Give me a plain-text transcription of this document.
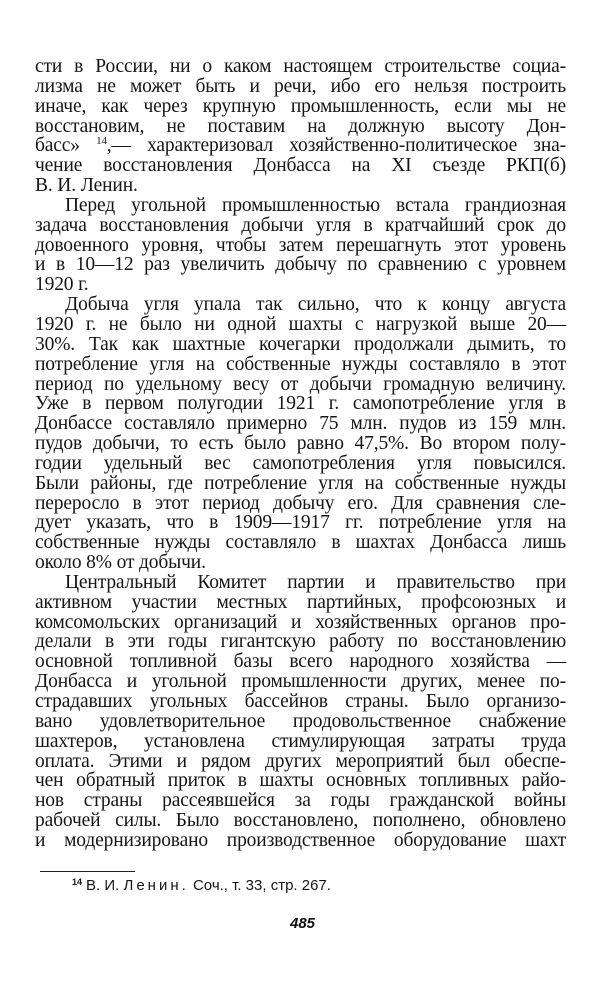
сти в России, ни о каком настоящем строительстве социа-
лизма не может быть и речи, ибо его нельзя построить
иначе, как через крупную промышленность, если мы не
восстановим, не поставим на должную высоту Дон-
басс» $^{14}$,— характеризовал хозяйственно-политическое зна-
чение восстановления Донбасса на XI съезде РКП(б)
В. И. Ленин.
Перед угольной промышленностью встала грандиозная
задача восстановления добычи угля в кратчайший срок до
довоенного уровня, чтобы затем перешагнуть этот уровень
и в 10—12 раз увеличить добычу по сравнению с уровнем
1920 г.
Добыча угля упала так сильно, что к концу августа
1920 г. не было ни одной шахты с нагрузкой выше 20—
30%. Так как шахтные кочегарки продолжали дымить, то
потребление угля на собственные нужды составляло в этот
период по удельному весу от добычи громадную величину.
Уже в первом полугодии 1921 г. самопотребление угля в
Донбассе составляло примерно 75 млн. пудов из 159 млн.
пудов добычи, то есть было равно 47,5%. Во втором полу-
годии удельный вес самопотребления угля повысился.
Были районы, где потребление угля на собственные нужды
переросло в этот период добычу его. Для сравнения сле-
дует указать, что в 1909—1917 гг. потребление угля на
собственные нужды составляло в шахтах Донбасса лишь
около 8% от добычи.
Центральный Комитет партии и правительство при
активном участии местных партийных, профсоюзных и
комсомольских организаций и хозяйственных органов про-
делали в эти годы гигантскую работу по восстановлению
основной топливной базы всего народного хозяйства —
Донбасса и угольной промышленности других, менее по-
страдавших угольных бассейнов страны. Было организо-
вано удовлетворительное продовольственное снабжение
шахтеров, установлена стимулирующая затраты труда
оплата. Этими и рядом других мероприятий был обеспе-
чен обратный приток в шахты основных топливных райо-
нов страны рассеявшейся за годы гражданской войны
рабочей силы. Было восстановлено, пополнено, обновлено
и модернизировано производственное оборудование шахт
$^{14}$ В. И. Ленин. Соч., т. 33, стр. 267.
485
